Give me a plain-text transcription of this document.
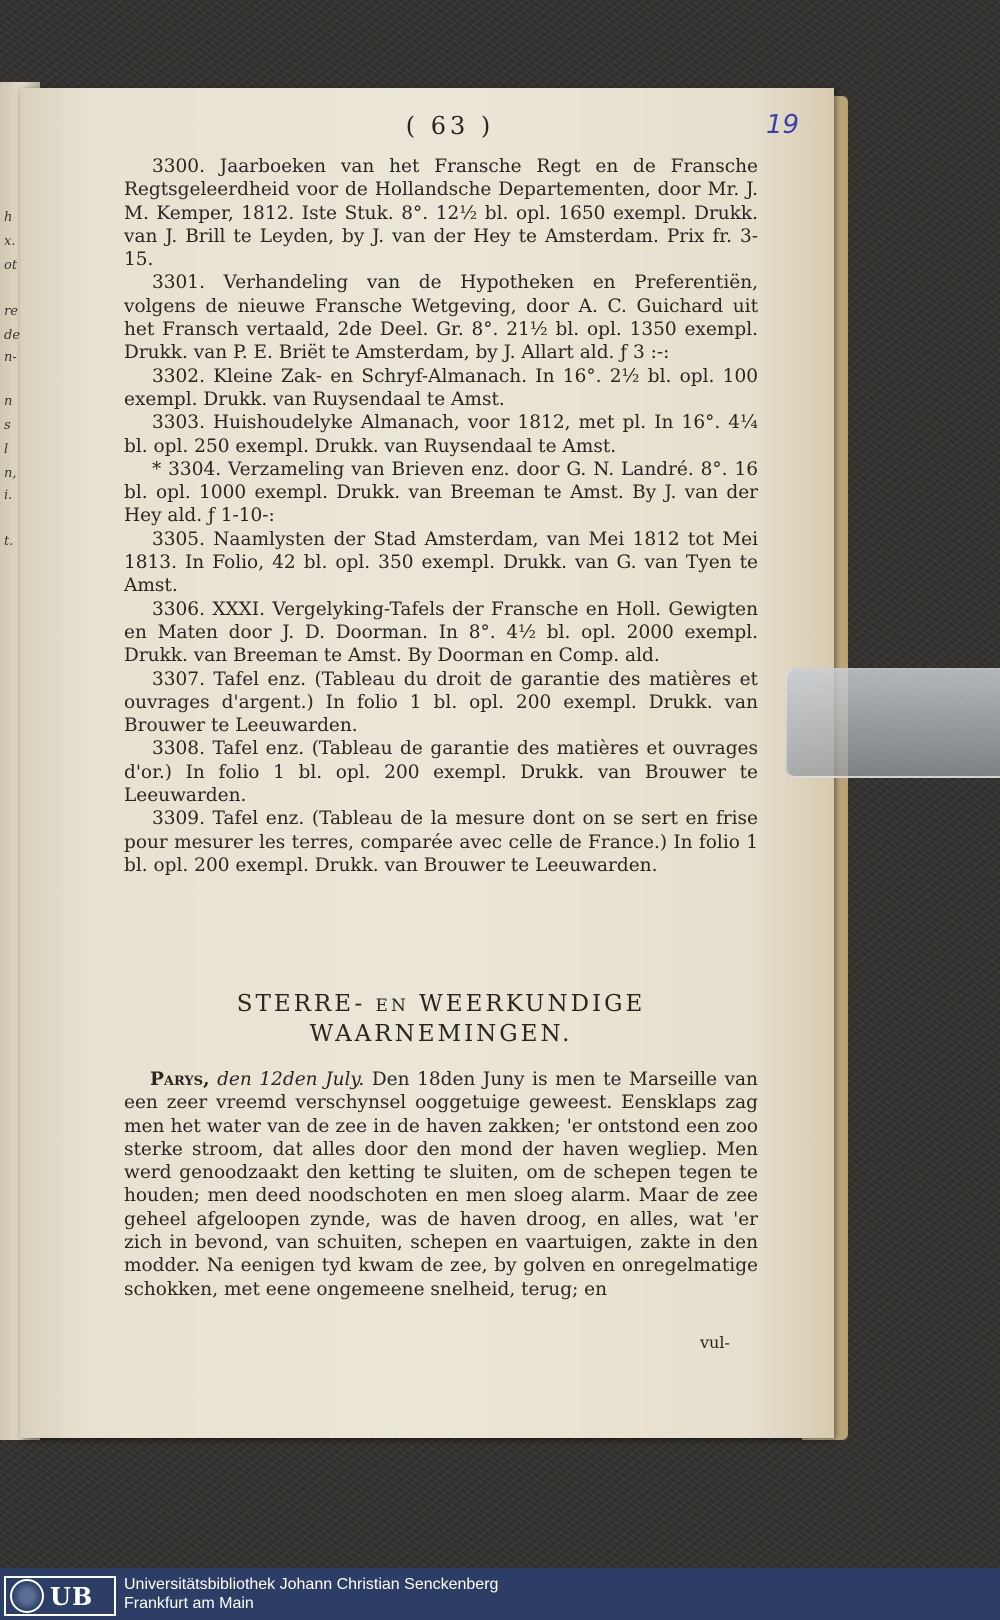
h
x.
ot
re
de
n-
n
s
l
n,
i.
t.
( 63 )	19

3300. Jaarboeken van het Fransche Regt en de Fransche Regtsgeleerdheid voor de Hollandsche Departementen, door Mr. J. M. Kemper, 1812. Iste Stuk. 8°. 12½ bl. opl. 1650 exempl. Drukk. van J. Brill te Leyden, by J. van der Hey te Amsterdam. Prix fr. 3-15.

3301. Verhandeling van de Hypotheken en Preferentiën, volgens de nieuwe Fransche Wetgeving, door A. C. Guichard uit het Fransch vertaald, 2de Deel. Gr. 8°. 21½ bl. opl. 1350 exempl. Drukk. van P. E. Briët te Amsterdam, by J. Allart ald. ƒ 3 :-:

3302. Kleine Zak- en Schryf-Almanach. In 16°. 2½ bl. opl. 100 exempl. Drukk. van Ruysendaal te Amst.

3303. Huishoudelyke Almanach, voor 1812, met pl. In 16°. 4¼ bl. opl. 250 exempl. Drukk. van Ruysendaal te Amst.

* 3304. Verzameling van Brieven enz. door G. N. Landré. 8°. 16 bl. opl. 1000 exempl. Drukk. van Breeman te Amst. By J. van der Hey ald. ƒ 1-10-:

3305. Naamlysten der Stad Amsterdam, van Mei 1812 tot Mei 1813. In Folio, 42 bl. opl. 350 exempl. Drukk. van G. van Tyen te Amst.

3306. XXXI. Vergelyking-Tafels der Fransche en Holl. Gewigten en Maten door J. D. Doorman. In 8°. 4½ bl. opl. 2000 exempl. Drukk. van Breeman te Amst. By Doorman en Comp. ald.

3307. Tafel enz. (Tableau du droit de garantie des matières et ouvrages d'argent.) In folio 1 bl. opl. 200 exempl. Drukk. van Brouwer te Leeuwarden.

3308. Tafel enz. (Tableau de garantie des matières et ouvrages d'or.) In folio 1 bl. opl. 200 exempl. Drukk. van Brouwer te Leeuwarden.

3309. Tafel enz. (Tableau de la mesure dont on se sert en frise pour mesurer les terres, comparée avec celle de France.) In folio 1 bl. opl. 200 exempl. Drukk. van Brouwer te Leeuwarden.

STERRE- EN WEERKUNDIGE
WAARNEMINGEN.

Parys, den 12den July. Den 18den Juny is men te Marseille van een zeer vreemd verschynsel ooggetuige geweest. Eensklaps zag men het water van de zee in de haven zakken; 'er ontstond een zoo sterke stroom, dat alles door den mond der haven wegliep. Men werd genoodzaakt den ketting te sluiten, om de schepen tegen te houden; men deed noodschoten en men sloeg alarm. Maar de zee geheel afgeloopen zynde, was de haven droog, en alles, wat 'er zich in bevond, van schuiten, schepen en vaartuigen, zakte in den modder. Na eenigen tyd kwam de zee, by golven en onregelmatige schokken, met eene ongemeene snelheid, terug; en

vul-
UB Universitätsbibliothek Johann Christian Senckenberg
Frankfurt am Main
